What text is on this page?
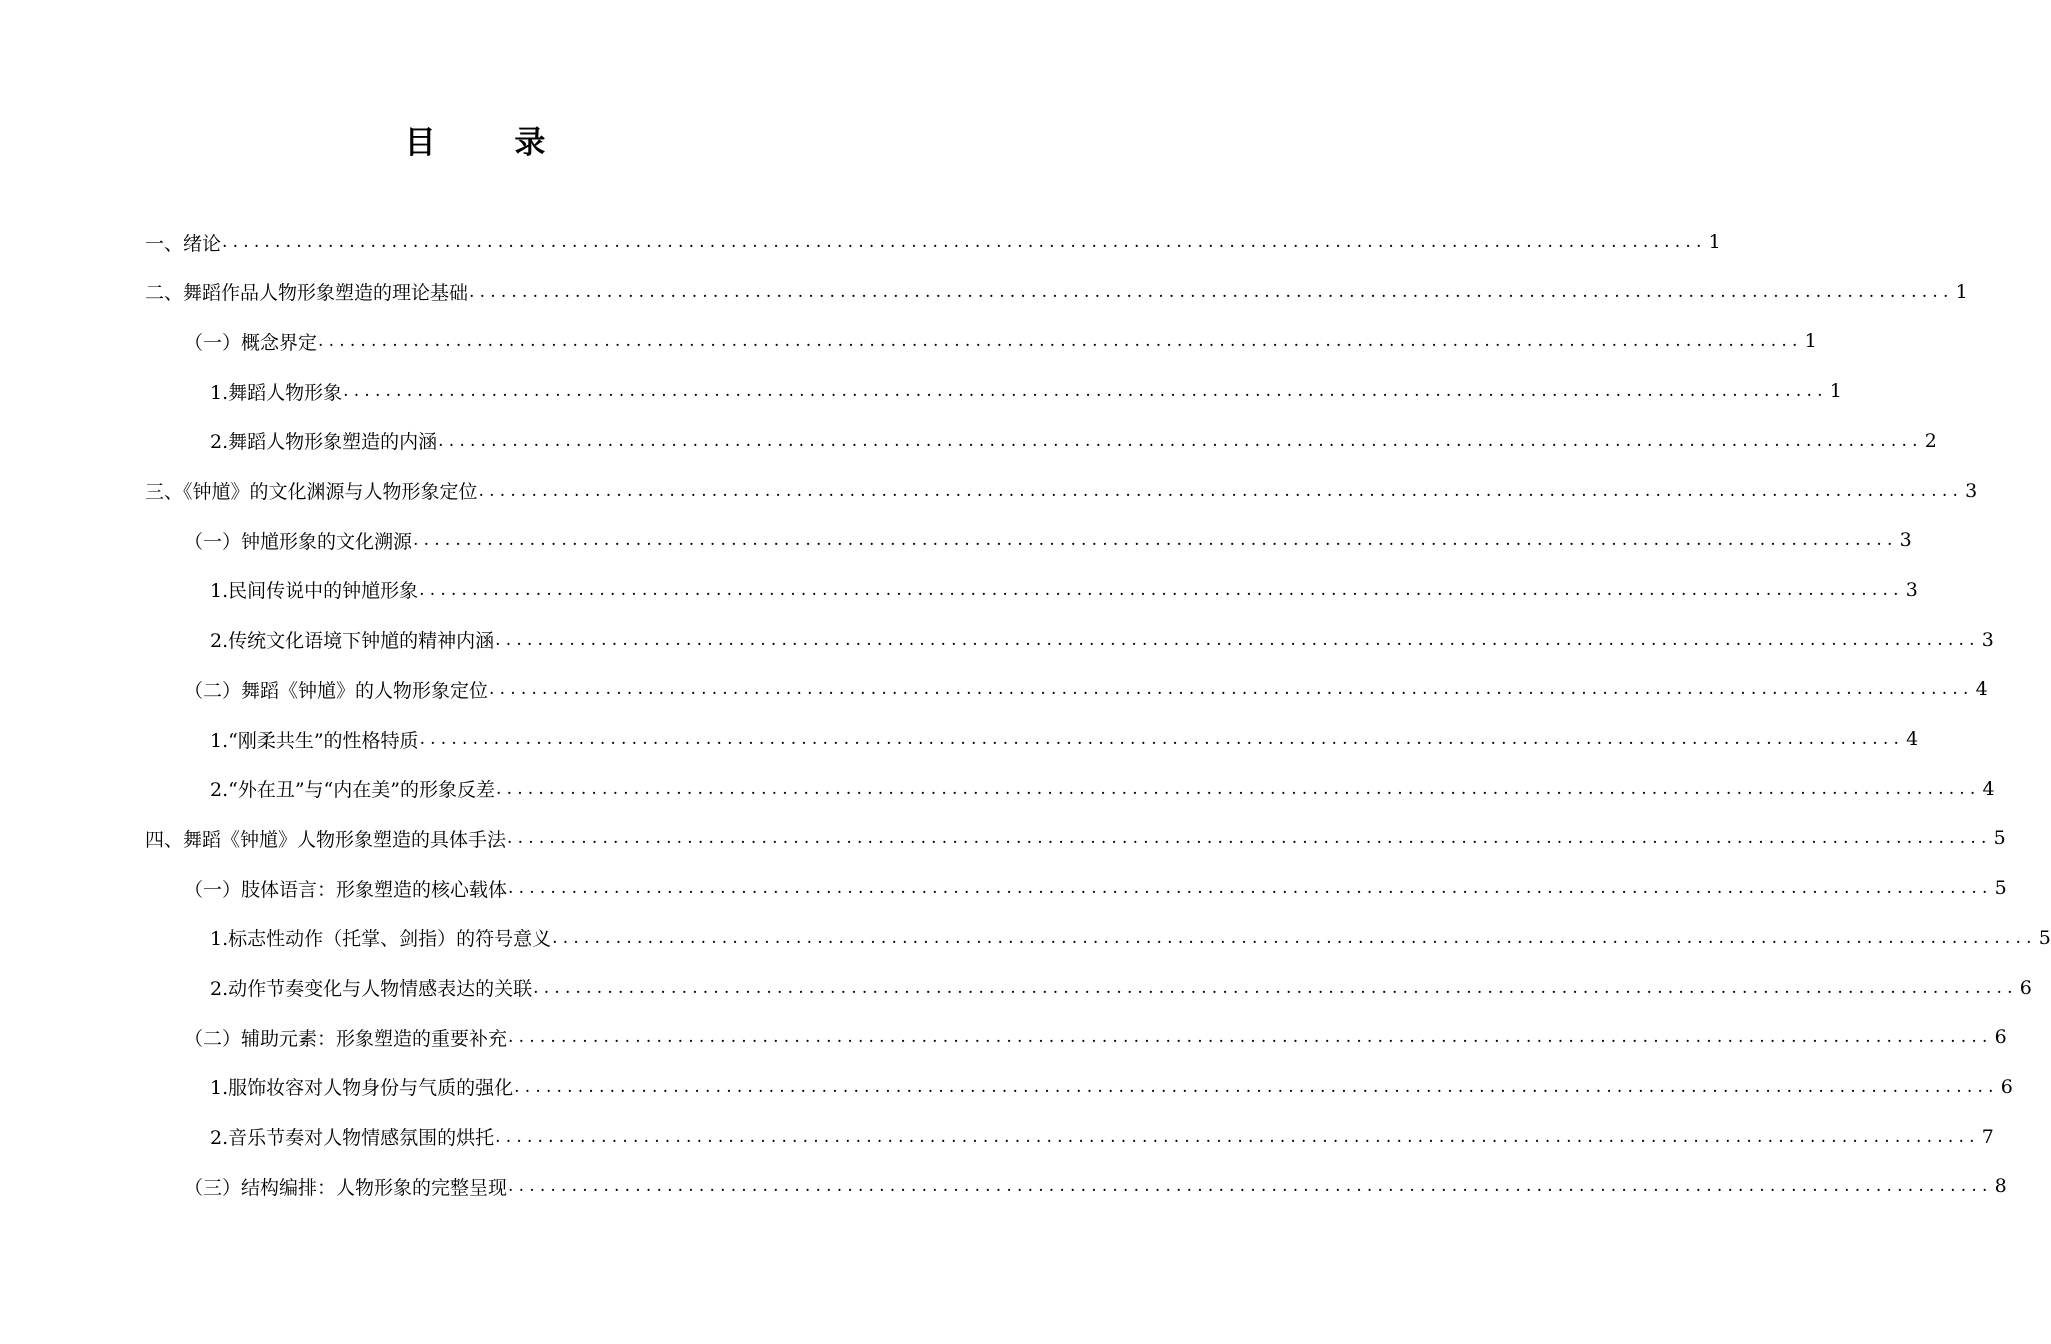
目 录
一、绪论 ............................................................................................................................................ 1
二、舞蹈作品人物形象塑造的理论基础 ............................................................................................................................................ 1
（一）概念界定 ............................................................................................................................................ 1
1.舞蹈人物形象 ............................................................................................................................................ 1
2.舞蹈人物形象塑造的内涵 ............................................................................................................................................ 2
三、《钟馗》的文化渊源与人物形象定位 ............................................................................................................................................ 3
（一）钟馗形象的文化溯源 ............................................................................................................................................ 3
1.民间传说中的钟馗形象 ............................................................................................................................................ 3
2.传统文化语境下钟馗的精神内涵 ............................................................................................................................................ 3
（二）舞蹈《钟馗》的人物形象定位 ............................................................................................................................................ 4
1.“刚柔共生”的性格特质 ............................................................................................................................................ 4
2.“外在丑”与“内在美”的形象反差 ............................................................................................................................................ 4
四、舞蹈《钟馗》人物形象塑造的具体手法 ............................................................................................................................................ 5
（一）肢体语言：形象塑造的核心载体 ............................................................................................................................................ 5
1.标志性动作（托掌、剑指）的符号意义 ............................................................................................................................................ 5
2.动作节奏变化与人物情感表达的关联 ............................................................................................................................................ 6
（二）辅助元素：形象塑造的重要补充 ............................................................................................................................................ 6
1.服饰妆容对人物身份与气质的强化 ............................................................................................................................................ 6
2.音乐节奏对人物情感氛围的烘托 ............................................................................................................................................ 7
（三）结构编排：人物形象的完整呈现 ............................................................................................................................................ 8
